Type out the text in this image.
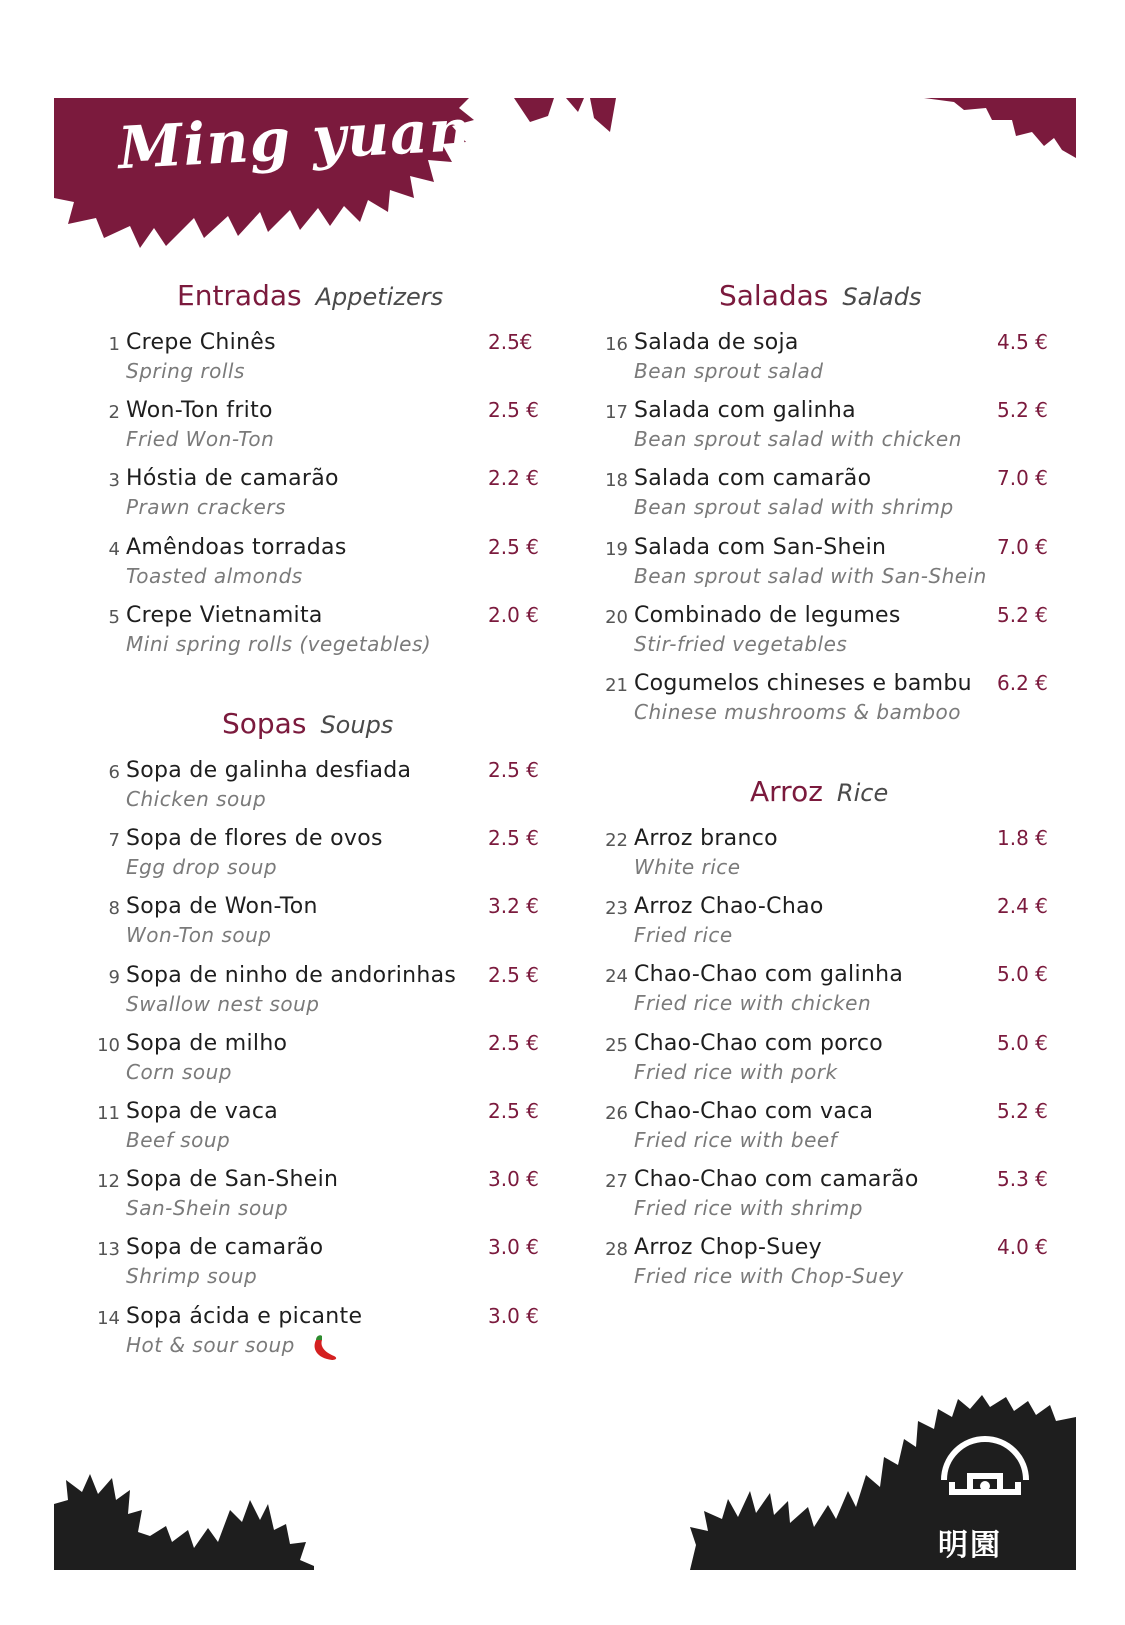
Ming yuan
Entradas Appetizers
1 Crepe Chinês
Spring rolls
2.5€
2 Won-Ton frito
Fried Won-Ton
2.5 €
3 Hóstia de camarão
Prawn crackers
2.2 €
4 Amêndoas torradas
Toasted almonds
2.5 €
5 Crepe Vietnamita
Mini spring rolls (vegetables)
2.0 €
Sopas Soups
6 Sopa de galinha desfiada
Chicken soup
2.5 €
7 Sopa de flores de ovos
Egg drop soup
2.5 €
8 Sopa de Won-Ton
Won-Ton soup
3.2 €
9 Sopa de ninho de andorinhas
Swallow nest soup
2.5 €
10 Sopa de milho
Corn soup
2.5 €
11 Sopa de vaca
Beef soup
2.5 €
12 Sopa de San-Shein
San-Shein soup
3.0 €
13 Sopa de camarão
Shrimp soup
3.0 €
14 Sopa ácida e picante
Hot & sour soup
3.0 €
Saladas Salads
16 Salada de soja
Bean sprout salad
4.5 €
17 Salada com galinha
Bean sprout salad with chicken
5.2 €
18 Salada com camarão
Bean sprout salad with shrimp
7.0 €
19 Salada com San-Shein
Bean sprout salad with San-Shein
7.0 €
20 Combinado de legumes
Stir-fried vegetables
5.2 €
21 Cogumelos chineses e bambu
Chinese mushrooms & bamboo
6.2 €
Arroz Rice
22 Arroz branco
White rice
1.8 €
23 Arroz Chao-Chao
Fried rice
2.4 €
24 Chao-Chao com galinha
Fried rice with chicken
5.0 €
25 Chao-Chao com porco
Fried rice with pork
5.0 €
26 Chao-Chao com vaca
Fried rice with beef
5.2 €
27 Chao-Chao com camarão
Fried rice with shrimp
5.3 €
28 Arroz Chop-Suey
Fried rice with Chop-Suey
4.0 €
明園
